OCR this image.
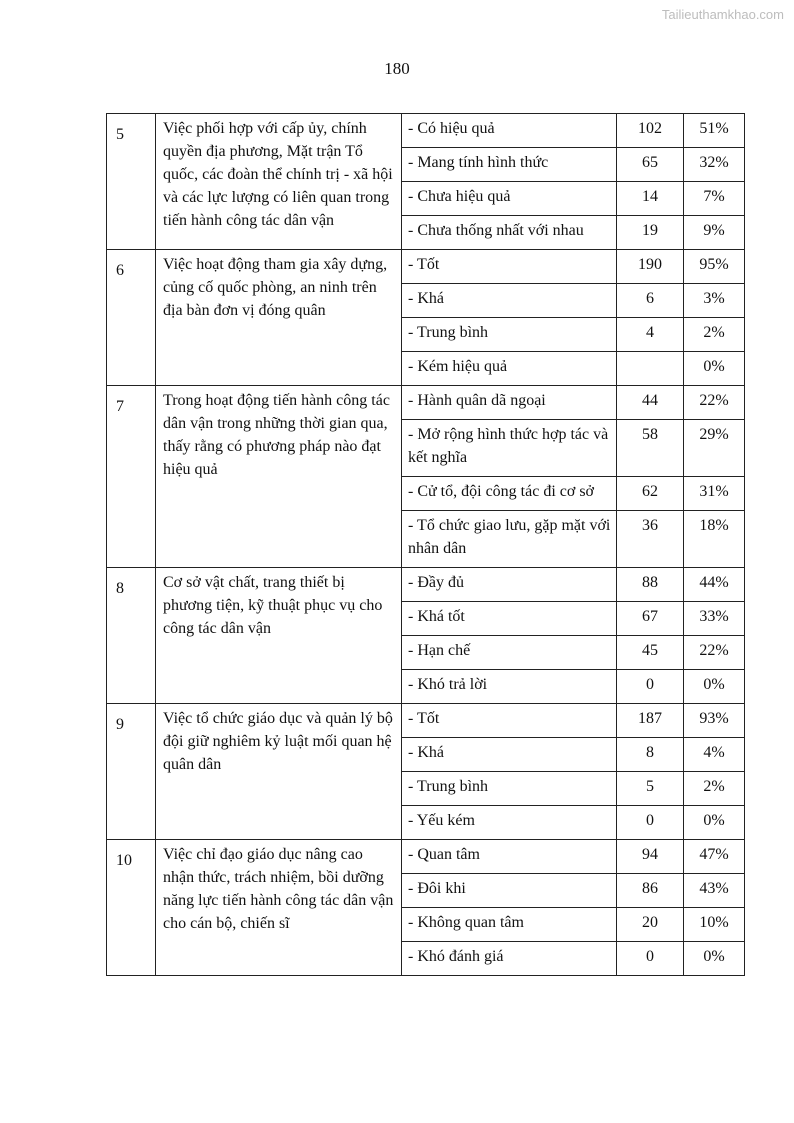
Tailieuthamkhao.com
180
5	Việc phối hợp với cấp ủy, chính quyền địa phương, Mặt trận Tổ quốc, các đoàn thể chính trị - xã hội và các lực lượng có liên quan trong tiến hành công tác dân vận	- Có hiệu quả	102	51%
		- Mang tính hình thức	65	32%
		- Chưa hiệu quả	14	7%
		- Chưa thống nhất với nhau	19	9%
6	Việc hoạt động tham gia xây dựng, củng cố quốc phòng, an ninh trên địa bàn đơn vị đóng quân	- Tốt	190	95%
		- Khá	6	3%
		- Trung bình	4	2%
		- Kém hiệu quả		0%
7	Trong hoạt động tiến hành công tác dân vận trong những thời gian qua, thấy rằng có phương pháp nào đạt hiệu quả	- Hành quân dã ngoại	44	22%
		- Mở rộng hình thức hợp tác và kết nghĩa	58	29%
		- Cử tổ, đội công tác đi cơ sở	62	31%
		- Tổ chức giao lưu, gặp mặt với nhân dân	36	18%
8	Cơ sở vật chất, trang thiết bị phương tiện, kỹ thuật phục vụ cho công tác dân vận	- Đầy đủ	88	44%
		- Khá tốt	67	33%
		- Hạn chế	45	22%
		- Khó trả lời	0	0%
9	Việc tổ chức giáo dục và quản lý bộ đội giữ nghiêm kỷ luật mối quan hệ quân dân	- Tốt	187	93%
		- Khá	8	4%
		- Trung bình	5	2%
		- Yếu kém	0	0%
10	Việc chỉ đạo giáo dục nâng cao nhận thức, trách nhiệm, bồi dưỡng năng lực tiến hành công tác dân vận cho cán bộ, chiến sĩ	- Quan tâm	94	47%
		- Đôi khi	86	43%
		- Không quan tâm	20	10%
		- Khó đánh giá	0	0%
